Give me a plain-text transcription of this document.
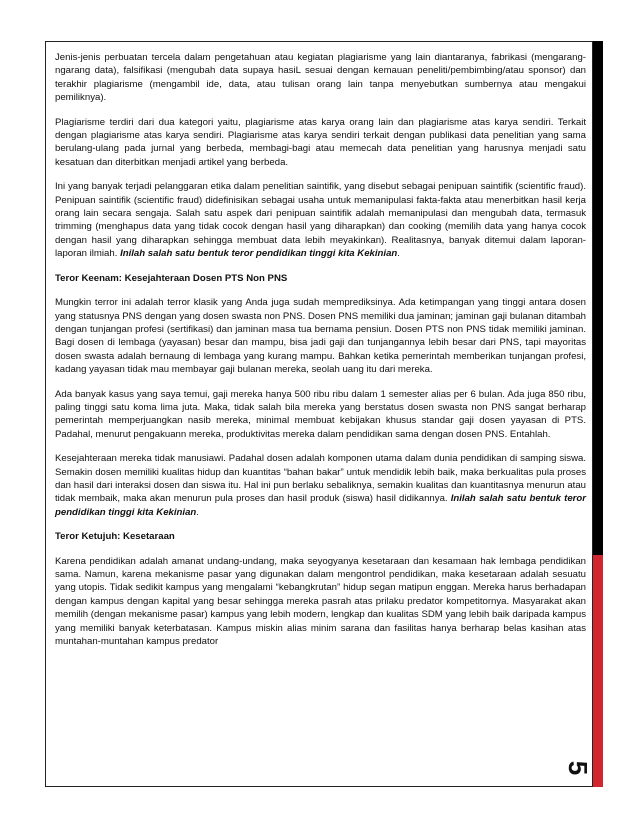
Jenis-jenis perbuatan tercela dalam pengetahuan atau kegiatan plagiarisme yang lain diantaranya, fabrikasi (mengarang-ngarang data), falsifikasi (mengubah data supaya hasiL sesuai dengan kemauan peneliti/pembimbing/atau sponsor) dan terakhir plagiarisme (mengambil ide, data, atau tulisan orang lain tanpa menyebutkan sumbernya atau mengakui pemiliknya).

Plagiarisme terdiri dari dua kategori yaitu, plagiarisme atas karya orang lain dan plagiarisme atas karya sendiri. Terkait dengan plagiarisme atas karya sendiri. Plagiarisme atas karya sendiri terkait dengan publikasi data penelitian yang sama berulang-ulang pada jurnal yang berbeda, membagi-bagi atau memecah data penelitian yang harusnya menjadi satu kesatuan dan diterbitkan menjadi artikel yang berbeda.

Ini yang banyak terjadi pelanggaran etika dalam penelitian saintifik, yang disebut sebagai penipuan saintifik (scientific fraud). Penipuan saintifik (scientific fraud) didefinisikan sebagai usaha untuk memanipulasi fakta-fakta atau menerbitkan hasil kerja orang lain secara sengaja. Salah satu aspek dari penipuan saintifik adalah memanipulasi dan mengubah data, termasuk trimming (menghapus data yang tidak cocok dengan hasil yang diharapkan) dan cooking (memilih data yang hanya cocok dengan hasil yang diharapkan sehingga membuat data lebih meyakinkan). Realitasnya, banyak ditemui dalam laporan-laporan ilmiah. Inilah salah satu bentuk teror pendidikan tinggi kita Kekinian.

Teror Keenam: Kesejahteraan Dosen PTS Non PNS

Mungkin terror ini adalah terror klasik yang Anda juga sudah memprediksinya. Ada ketimpangan yang tinggi antara dosen yang statusnya PNS dengan yang dosen swasta non PNS. Dosen PNS memiliki dua jaminan; jaminan gaji bulanan ditambah dengan tunjangan profesi (sertifikasi) dan jaminan masa tua bernama pensiun. Dosen PTS non PNS tidak memiliki jaminan. Bagi dosen di lembaga (yayasan) besar dan mampu, bisa jadi gaji dan tunjangannya lebih besar dari PNS, tapi mayoritas dosen swasta adalah bernaung di lembaga yang kurang mampu. Bahkan ketika pemerintah memberikan tunjangan profesi, kadang yayasan tidak mau membayar gaji bulanan mereka, seolah uang itu dari mereka.

Ada banyak kasus yang saya temui, gaji mereka hanya 500 ribu ribu dalam 1 semester alias per 6 bulan. Ada juga 850 ribu, paling tinggi satu koma lima juta. Maka, tidak salah bila mereka yang berstatus dosen swasta non PNS sangat berharap pemerintah memperjuangkan nasib mereka, minimal membuat kebijakan khusus standar gaji dosen yayasan di PTS. Padahal, menurut pengakuann mereka, produktivitas mereka dalam pendidikan sama dengan dosen PNS. Entahlah.

Kesejahteraan mereka tidak manusiawi. Padahal dosen adalah komponen utama dalam dunia pendidikan di samping siswa. Semakin dosen memiliki kualitas hidup dan kuantitas “bahan bakar” untuk mendidik lebih baik, maka berkualitas pula proses dan hasil dari interaksi dosen dan siswa itu. Hal ini pun berlaku sebaliknya, semakin kualitas dan kuantitasnya menurun atau tidak membaik, maka akan menurun pula proses dan hasil produk (siswa) hasil didikannya. Inilah salah satu bentuk teror pendidikan tinggi kita Kekinian.

Teror Ketujuh: Kesetaraan

Karena pendidikan adalah amanat undang-undang, maka seyogyanya kesetaraan dan kesamaan hak lembaga pendidikan sama. Namun, karena mekanisme pasar yang digunakan dalam mengontrol pendidikan, maka kesetaraan adalah sesuatu yang utopis. Tidak sedikit kampus yang mengalami “kebangkrutan” hidup segan matipun enggan. Mereka harus berhadapan dengan kampus dengan kapital yang besar sehingga mereka pasrah atas prilaku predator kompetitornya. Masyarakat akan memilih (dengan mekanisme pasar) kampus yang lebih modern, lengkap dan kualitas SDM yang lebih baik daripada kampus yang memiliki banyak keterbatasan. Kampus miskin alias minim sarana dan fasilitas hanya berharap belas kasihan atas muntahan-muntahan kampus predator

5
